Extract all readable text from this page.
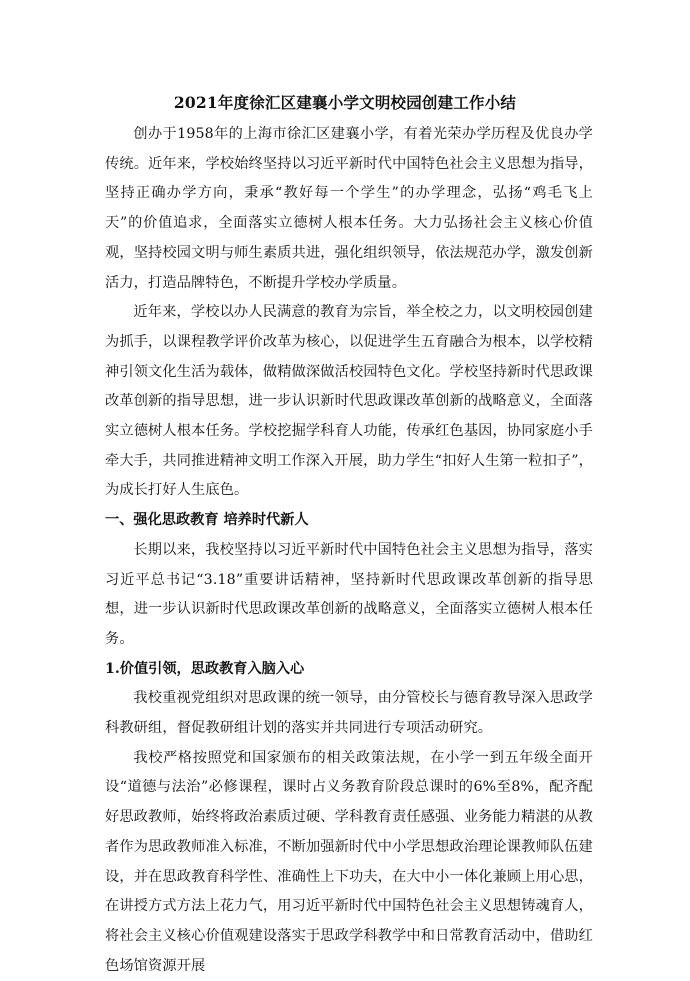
2021年度徐汇区建襄小学文明校园创建工作小结

创办于1958年的上海市徐汇区建襄小学，有着光荣办学历程及优良办学传统。近年来，学校始终坚持以习近平新时代中国特色社会主义思想为指导，坚持正确办学方向，秉承“教好每一个学生”的办学理念，弘扬“鸡毛飞上天”的价值追求，全面落实立德树人根本任务。大力弘扬社会主义核心价值观，坚持校园文明与师生素质共进，强化组织领导，依法规范办学，激发创新活力，打造品牌特色，不断提升学校办学质量。

近年来，学校以办人民满意的教育为宗旨，举全校之力，以文明校园创建为抓手，以课程教学评价改革为核心，以促进学生五育融合为根本，以学校精神引领文化生活为载体，做精做深做活校园特色文化。学校坚持新时代思政课改革创新的指导思想，进一步认识新时代思政课改革创新的战略意义，全面落实立德树人根本任务。学校挖掘学科育人功能，传承红色基因，协同家庭小手牵大手，共同推进精神文明工作深入开展，助力学生“扣好人生第一粒扣子”，为成长打好人生底色。

一、强化思政教育 培养时代新人

长期以来，我校坚持以习近平新时代中国特色社会主义思想为指导，落实习近平总书记“3.18”重要讲话精神，坚持新时代思政课改革创新的指导思想，进一步认识新时代思政课改革创新的战略意义，全面落实立德树人根本任务。

1.价值引领，思政教育入脑入心

我校重视党组织对思政课的统一领导，由分管校长与德育教导深入思政学科教研组，督促教研组计划的落实并共同进行专项活动研究。

我校严格按照党和国家颁布的相关政策法规，在小学一到五年级全面开设“道德与法治”必修课程，课时占义务教育阶段总课时的6%至8%，配齐配好思政教师，始终将政治素质过硬、学科教育责任感强、业务能力精湛的从教者作为思政教师准入标准，不断加强新时代中小学思想政治理论课教师队伍建设，并在思政教育科学性、准确性上下功夫，在大中小一体化兼顾上用心思，在讲授方式方法上花力气，用习近平新时代中国特色社会主义思想铸魂育人，将社会主义核心价值观建设落实于思政学科教学中和日常教育活动中，借助红色场馆资源开展
